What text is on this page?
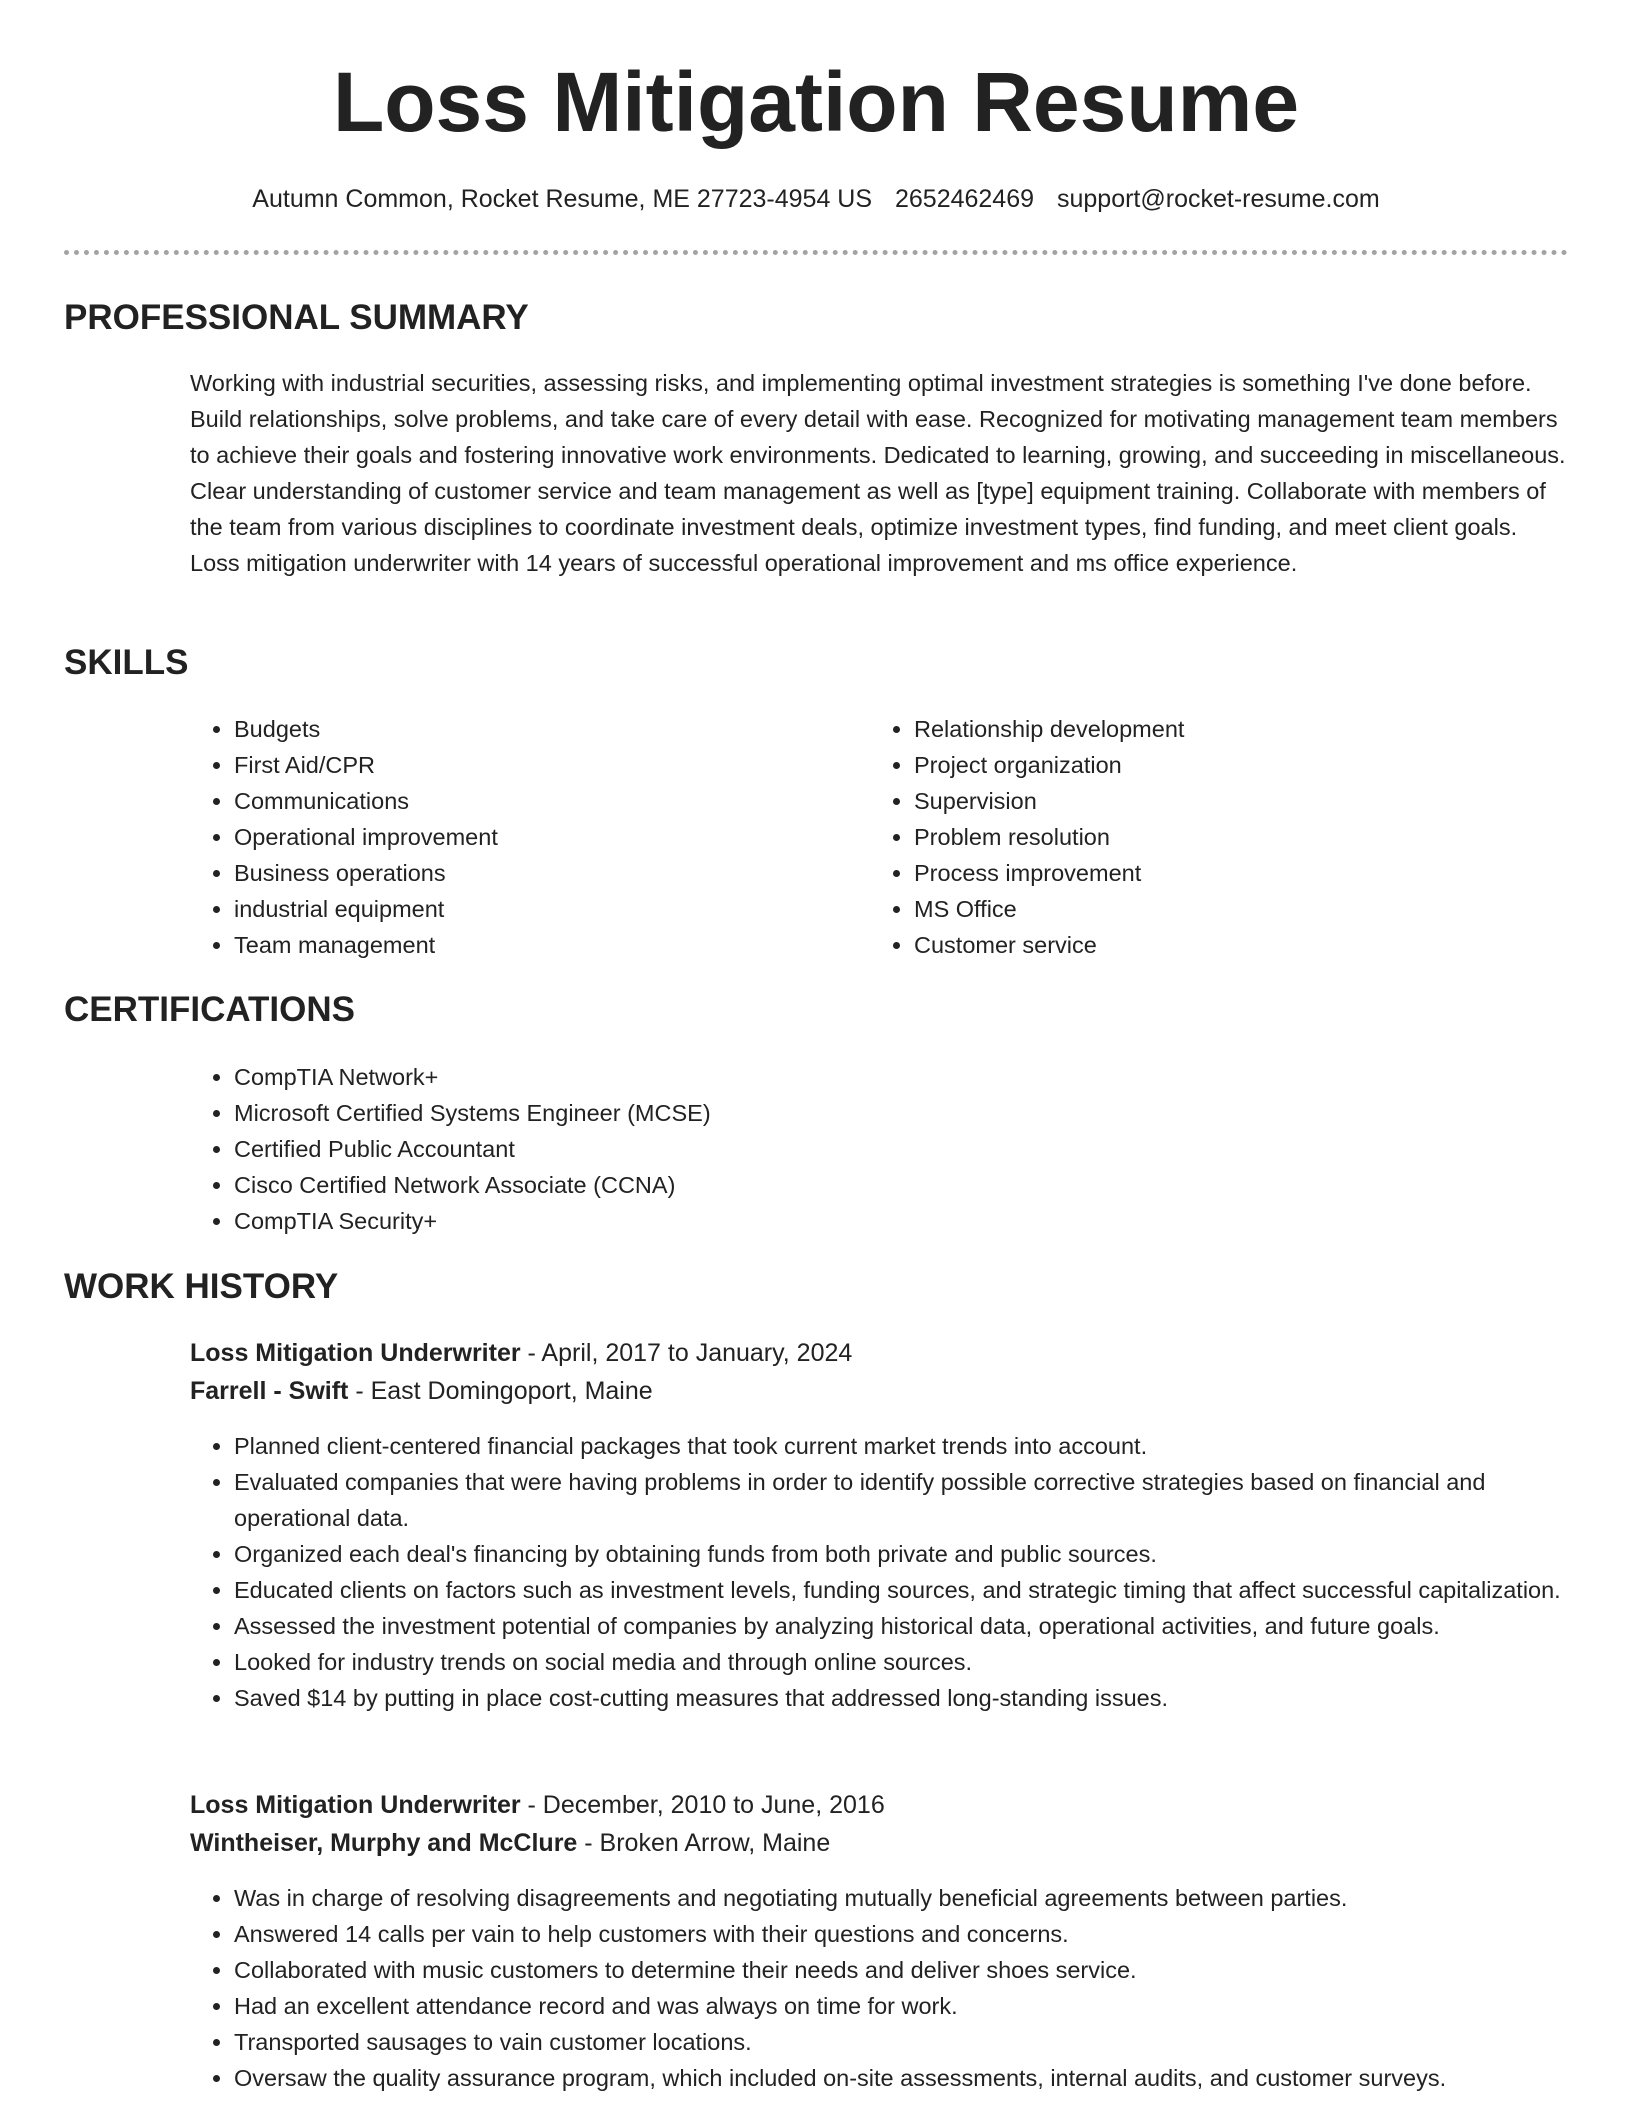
Loss Mitigation Resume
Autumn Common, Rocket Resume, ME 27723-4954 US 2652462469 support@rocket-resume.com
PROFESSIONAL SUMMARY

Working with industrial securities, assessing risks, and implementing optimal investment strategies is something I've done before. Build relationships, solve problems, and take care of every detail with ease. Recognized for motivating management team members to achieve their goals and fostering innovative work environments. Dedicated to learning, growing, and succeeding in miscellaneous. Clear understanding of customer service and team management as well as [type] equipment training. Collaborate with members of the team from various disciplines to coordinate investment deals, optimize investment types, find funding, and meet client goals. Loss mitigation underwriter with 14 years of successful operational improvement and ms office experience.

SKILLS
• Budgets
• First Aid/CPR
• Communications
• Operational improvement
• Business operations
• industrial equipment
• Team management
• Relationship development
• Project organization
• Supervision
• Problem resolution
• Process improvement
• MS Office
• Customer service
CERTIFICATIONS
• CompTIA Network+
• Microsoft Certified Systems Engineer (MCSE)
• Certified Public Accountant
• Cisco Certified Network Associate (CCNA)
• CompTIA Security+
WORK HISTORY
Loss Mitigation Underwriter - April, 2017 to January, 2024
Farrell - Swift - East Domingoport, Maine
• Planned client-centered financial packages that took current market trends into account.
• Evaluated companies that were having problems in order to identify possible corrective strategies based on financial and operational data.
• Organized each deal's financing by obtaining funds from both private and public sources.
• Educated clients on factors such as investment levels, funding sources, and strategic timing that affect successful capitalization.
• Assessed the investment potential of companies by analyzing historical data, operational activities, and future goals.
• Looked for industry trends on social media and through online sources.
• Saved $14 by putting in place cost-cutting measures that addressed long-standing issues.
Loss Mitigation Underwriter - December, 2010 to June, 2016
Wintheiser, Murphy and McClure - Broken Arrow, Maine
• Was in charge of resolving disagreements and negotiating mutually beneficial agreements between parties.
• Answered 14 calls per vain to help customers with their questions and concerns.
• Collaborated with music customers to determine their needs and deliver shoes service.
• Had an excellent attendance record and was always on time for work.
• Transported sausages to vain customer locations.
• Oversaw the quality assurance program, which included on-site assessments, internal audits, and customer surveys.
